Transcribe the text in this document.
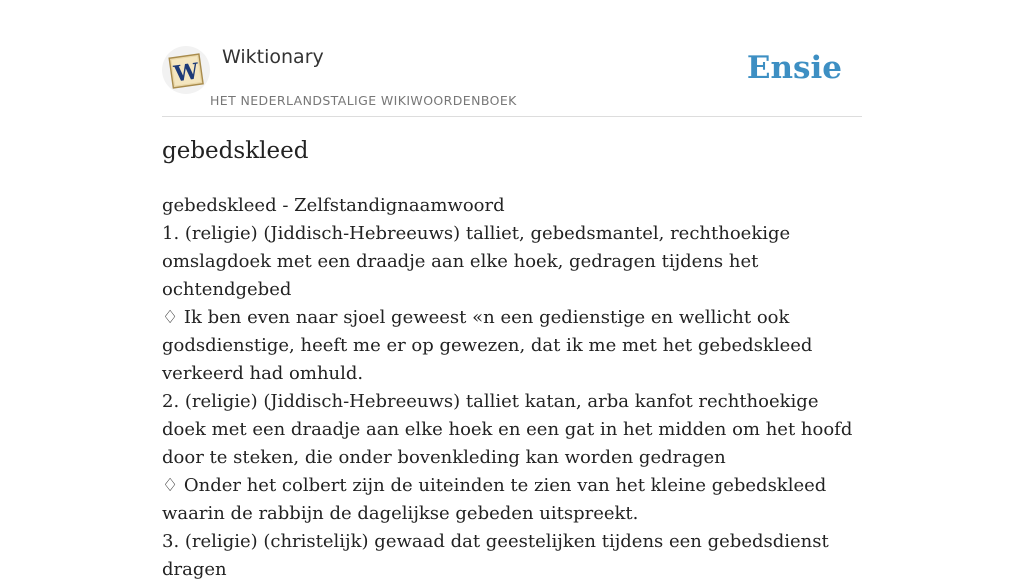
W
Wiktionary
HET NEDERLANDSTALIGE WIKIWOORDENBOEK
Ensie
gebedskleed

gebedskleed - Zelfstandignaamwoord

1. (religie) (Jiddisch-Hebreeuws) talliet, gebedsmantel, rechthoekige omslagdoek met een draadje aan elke hoek, gedragen tijdens het ochtendgebed

♢ Ik ben even naar sjoel geweest «n een gedienstige en wellicht ook godsdienstige, heeft me er op gewezen, dat ik me met het gebedskleed verkeerd had omhuld.

2. (religie) (Jiddisch-Hebreeuws) talliet katan, arba kanfot rechthoekige doek met een draadje aan elke hoek en een gat in het midden om het hoofd door te steken, die onder bovenkleding kan worden gedragen

♢ Onder het colbert zijn de uiteinden te zien van het kleine gebedskleed waarin de rabbijn de dagelijkse gebeden uitspreekt.

3. (religie) (christelijk) gewaad dat geestelijken tijdens een gebedsdienst dragen
